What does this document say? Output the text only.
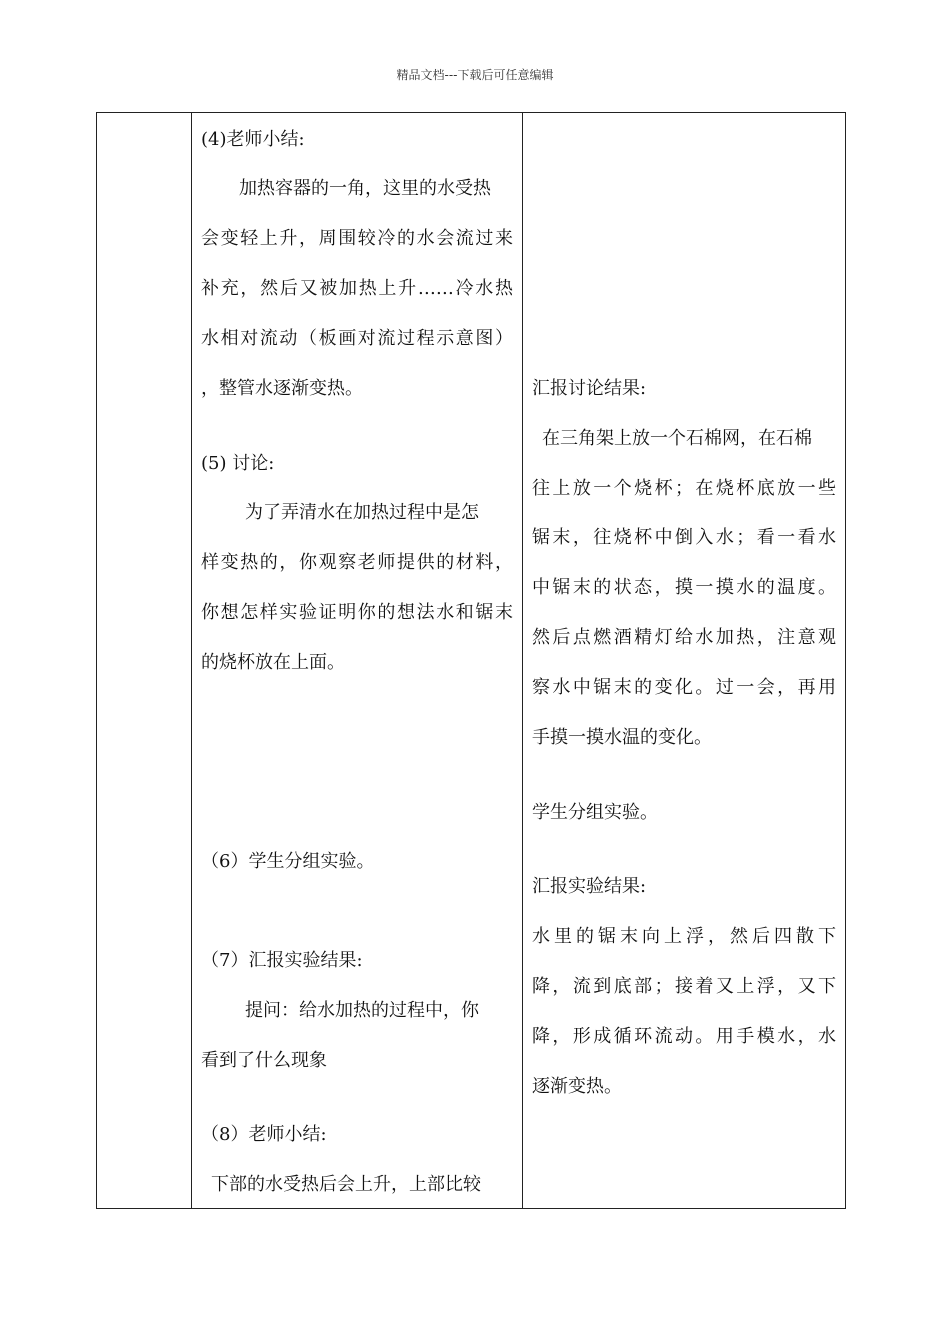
精品文档---下载后可任意编辑
(4)老师小结:
加热容器的一角，这里的水受热
会变轻上升，周围较冷的水会流过来
补充，然后又被加热上升……冷水热
水相对流动（板画对流过程示意图）
，整管水逐渐变热。
(5) 讨论:
为了弄清水在加热过程中是怎
样变热的，你观察老师提供的材料，
你想怎样实验证明你的想法水和锯末
的烧杯放在上面。
（6）学生分组实验。
（7）汇报实验结果:
提问：给水加热的过程中，你
看到了什么现象
（8）老师小结:
下部的水受热后会上升，上部比较
汇报讨论结果:
在三角架上放一个石棉网，在石棉
往上放一个烧杯；在烧杯底放一些
锯末，往烧杯中倒入水；看一看水
中锯末的状态，摸一摸水的温度。
然后点燃酒精灯给水加热，注意观
察水中锯末的变化。过一会，再用
手摸一摸水温的变化。
学生分组实验。
汇报实验结果:
水里的锯末向上浮，然后四散下
降，流到底部；接着又上浮，又下
降，形成循环流动。用手模水，水
逐渐变热。
